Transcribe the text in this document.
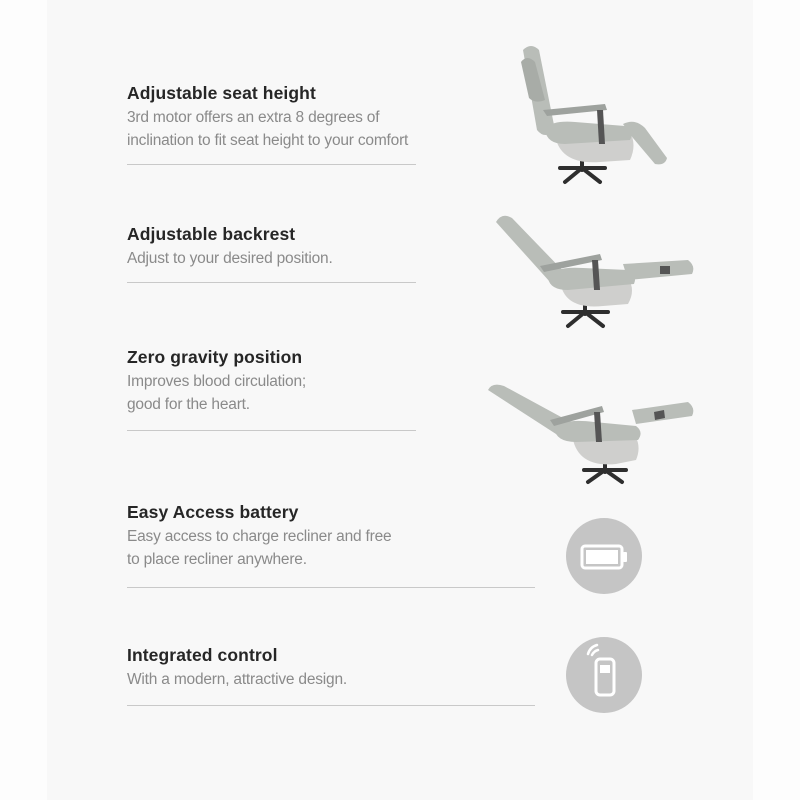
Adjustable seat height

3rd motor offers an extra 8 degrees of
inclination to fit seat height to your comfort

Adjustable backrest

Adjust to your desired position.

Zero gravity position

Improves blood circulation;
good for the heart.

Easy Access battery

Easy access to charge recliner and free
to place recliner anywhere.

Integrated control

With a modern, attractive design.
